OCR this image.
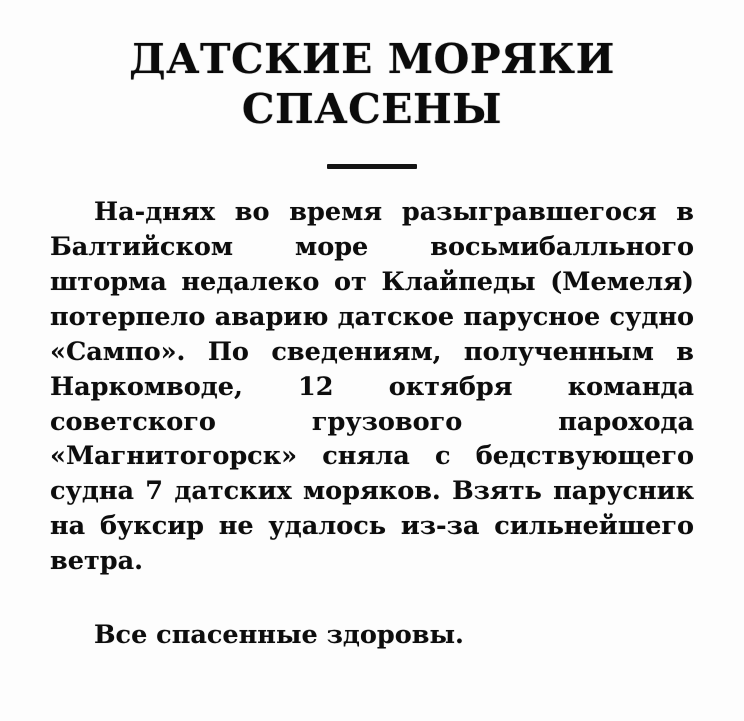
ДАТСКИЕ МОРЯКИ
СПАСЕНЫ

На-днях во время разыгравшегося в Балтийском море восьмибалльного шторма недалеко от Клайпеды (Мемеля) потерпело аварию датское парусное судно «Сампо». По сведениям, полученным в Наркомводе, 12 октября команда советского грузового парохода «Магнитогорск» сняла с бедствующего судна 7 датских моряков. Взять парусник на буксир не удалось из-за сильнейшего ветра.

Все спасенные здоровы.
